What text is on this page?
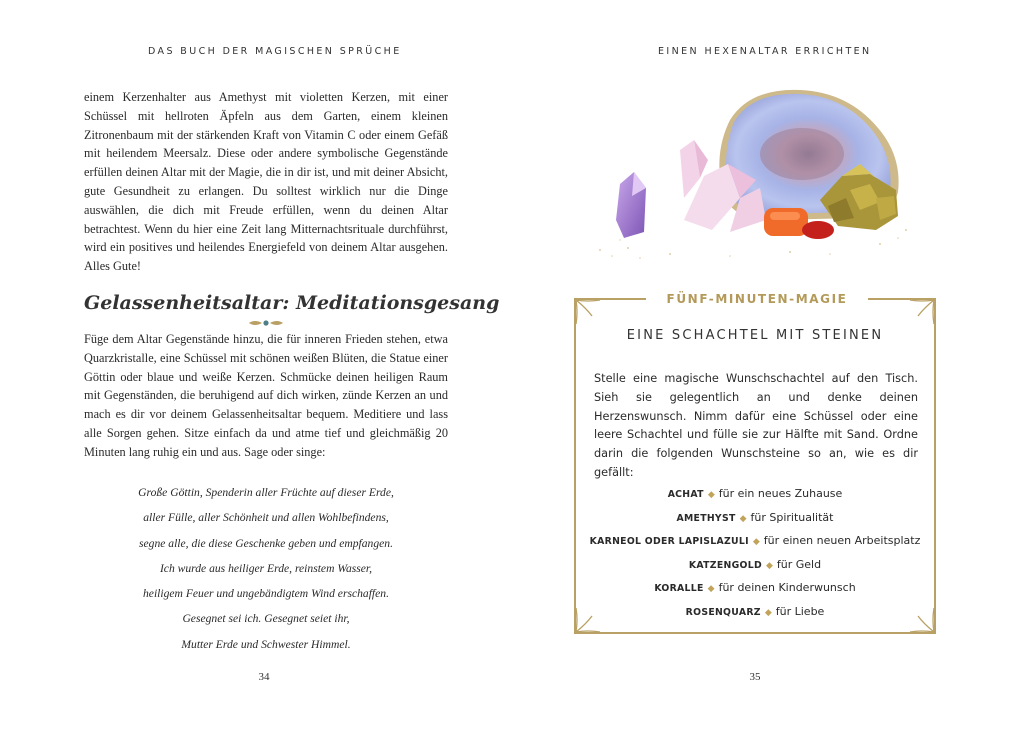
DAS BUCH DER MAGISCHEN SPRÜCHE

einem Kerzenhalter aus Amethyst mit violetten Kerzen, mit einer Schüssel mit hellroten Äpfeln aus dem Garten, einem kleinen Zitronenbaum mit der stärkenden Kraft von Vitamin C oder einem Gefäß mit heilendem Meersalz. Diese oder andere symbolische Gegenstände erfüllen deinen Altar mit der Magie, die in dir ist, und mit deiner Absicht, gute Gesundheit zu erlangen. Du solltest wirklich nur die Dinge auswählen, die dich mit Freude erfüllen, wenn du deinen Altar betrachtest. Wenn du hier eine Zeit lang Mitternachtsrituale durchführst, wird ein positives und heilendes Energiefeld von deinem Altar ausgehen. Alles Gute!

Gelassenheitsaltar: Meditationsgesang

Füge dem Altar Gegenstände hinzu, die für inneren Frieden stehen, etwa Quarzkristalle, eine Schüssel mit schönen weißen Blüten, die Statue einer Göttin oder blaue und weiße Kerzen. Schmücke deinen heiligen Raum mit Gegenständen, die beruhigend auf dich wirken, zünde Kerzen an und mach es dir vor deinem Gelassenheitsaltar bequem. Meditiere und lass alle Sorgen gehen. Sitze einfach da und atme tief und gleichmäßig 20 Minuten lang ruhig ein und aus. Sage oder singe:

Große Göttin, Spenderin aller Früchte auf dieser Erde,
aller Fülle, aller Schönheit und allen Wohlbefindens,
segne alle, die diese Geschenke geben und empfangen.
Ich wurde aus heiliger Erde, reinstem Wasser,
heiligem Feuer und ungebändigtem Wind erschaffen.
Gesegnet sei ich. Gesegnet seiet ihr,
Mutter Erde und Schwester Himmel.
34
EINEN HEXENALTAR ERRICHTEN
FÜNF-MINUTEN-MAGIE
EINE SCHACHTEL MIT STEINEN

Stelle eine magische Wunschschachtel auf den Tisch. Sieh sie gelegentlich an und denke deinen Herzenswunsch. Nimm dafür eine Schüssel oder eine leere Schachtel und fülle sie zur Hälfte mit Sand. Ordne darin die folgenden Wunschsteine so an, wie es dir gefällt:

ACHAT ◆ für ein neues Zuhause
AMETHYST ◆ für Spiritualität
KARNEOL ODER LAPISLAZULI ◆ für einen neuen Arbeitsplatz
KATZENGOLD ◆ für Geld
KORALLE ◆ für deinen Kinderwunsch
ROSENQUARZ ◆ für Liebe
35
